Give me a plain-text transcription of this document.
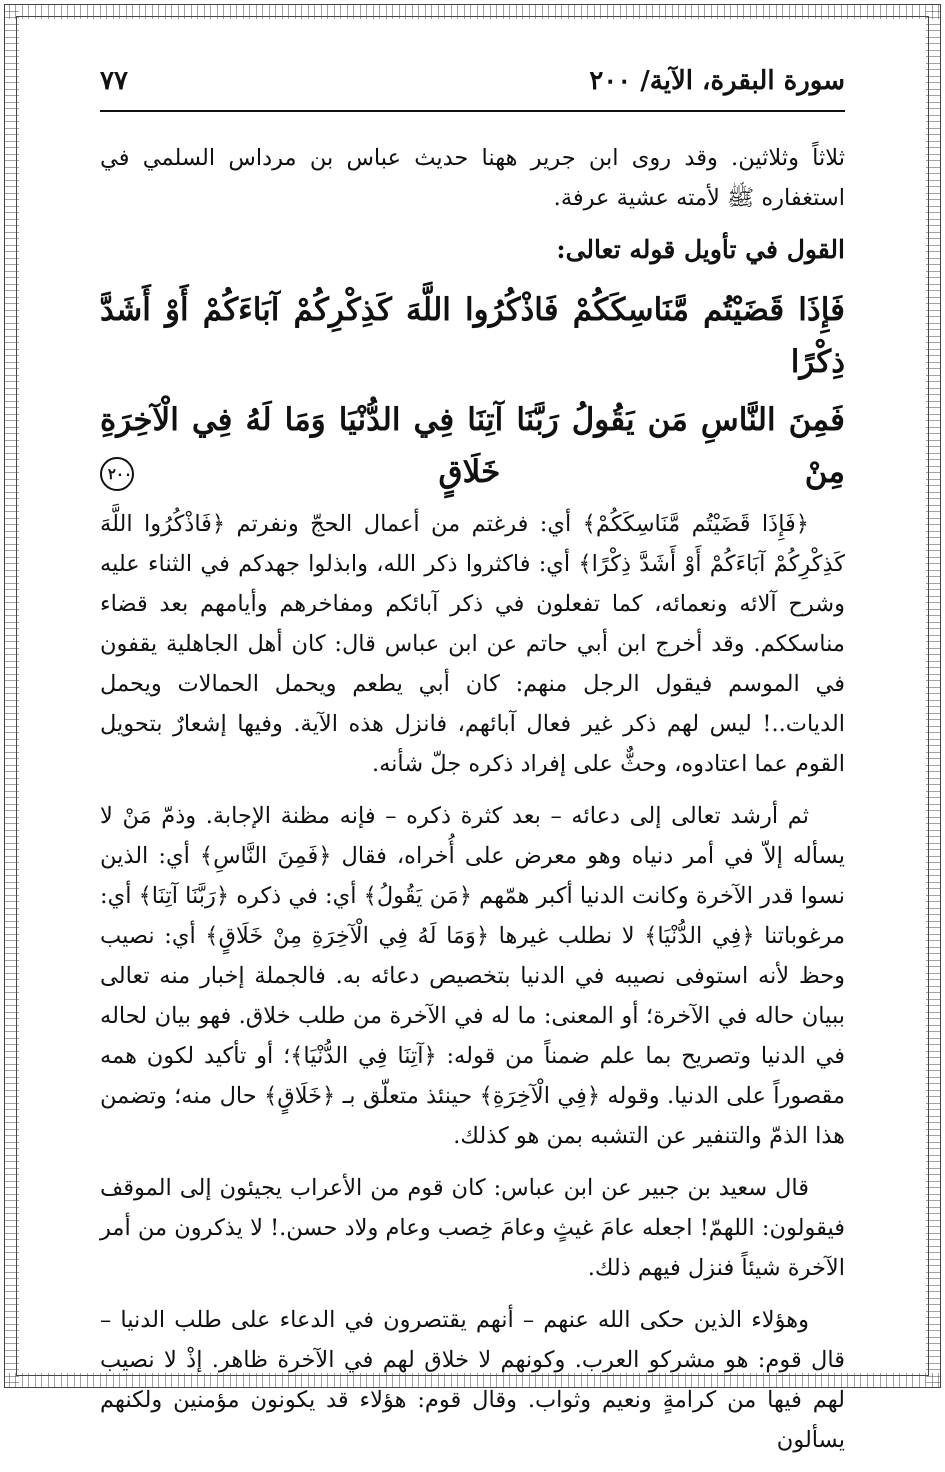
سورة البقرة، الآية/ ٢٠٠
٧٧

ثلاثاً وثلاثين. وقد روى ابن جرير ههنا حديث عباس بن مرداس السلمي في استغفاره ﷺ لأمته عشية عرفة.

القول في تأويل قوله تعالى:
فَإِذَا قَضَيْتُم مَّنَاسِكَكُمْ فَاذْكُرُوا اللَّهَ كَذِكْرِكُمْ آبَاءَكُمْ أَوْ أَشَدَّ ذِكْرًا
فَمِنَ النَّاسِ مَن يَقُولُ رَبَّنَا آتِنَا فِي الدُّنْيَا وَمَا لَهُ فِي الْآخِرَةِ مِنْ خَلَاقٍ ٢٠٠

﴿فَإِذَا قَضَيْتُم مَّنَاسِكَكُمْ﴾ أي: فرغتم من أعمال الحجّ ونفرتم ﴿فَاذْكُرُوا اللَّهَ كَذِكْرِكُمْ آبَاءَكُمْ أَوْ أَشَدَّ ذِكْرًا﴾ أي: فاكثروا ذكر الله، وابذلوا جهدكم في الثناء عليه وشرح آلائه ونعمائه، كما تفعلون في ذكر آبائكم ومفاخرهم وأيامهم بعد قضاء مناسككم. وقد أخرج ابن أبي حاتم عن ابن عباس قال: كان أهل الجاهلية يقفون في الموسم فيقول الرجل منهم: كان أبي يطعم ويحمل الحمالات ويحمل الديات..! ليس لهم ذكر غير فعال آبائهم، فانزل هذه الآية. وفيها إشعارٌ بتحويل القوم عما اعتادوه، وحثٌّ على إفراد ذكره جلّ شأنه.

ثم أرشد تعالى إلى دعائه – بعد كثرة ذكره – فإنه مظنة الإجابة. وذمّ مَنْ لا يسأله إلاّ في أمر دنياه وهو معرض على أُخراه، فقال ﴿فَمِنَ النَّاسِ﴾ أي: الذين نسوا قدر الآخرة وكانت الدنيا أكبر همّهم ﴿مَن يَقُولُ﴾ أي: في ذكره ﴿رَبَّنَا آتِنَا﴾ أي: مرغوباتنا ﴿فِي الدُّنْيَا﴾ لا نطلب غيرها ﴿وَمَا لَهُ فِي الْآخِرَةِ مِنْ خَلَاقٍ﴾ أي: نصيب وحظ لأنه استوفى نصيبه في الدنيا بتخصيص دعائه به. فالجملة إخبار منه تعالى ببيان حاله في الآخرة؛ أو المعنى: ما له في الآخرة من طلب خلاق. فهو بيان لحاله في الدنيا وتصريح بما علم ضمناً من قوله: ﴿آتِنَا فِي الدُّنْيَا﴾؛ أو تأكيد لكون همه مقصوراً على الدنيا. وقوله ﴿فِي الْآخِرَةِ﴾ حينئذ متعلّق بـ ﴿خَلَاقٍ﴾ حال منه؛ وتضمن هذا الذمّ والتنفير عن التشبه بمن هو كذلك.

قال سعيد بن جبير عن ابن عباس: كان قوم من الأعراب يجيئون إلى الموقف فيقولون: اللهمّ! اجعله عامَ غيثٍ وعامَ خِصب وعام ولاد حسن.! لا يذكرون من أمر الآخرة شيئاً فنزل فيهم ذلك.

وهؤلاء الذين حكى الله عنهم – أنهم يقتصرون في الدعاء على طلب الدنيا – قال قوم: هو مشركو العرب. وكونهم لا خلاق لهم في الآخرة ظاهر. إذْ لا نصيب لهم فيها من كرامةٍ ونعيم وثواب. وقال قوم: هؤلاء قد يكونون مؤمنين ولكنهم يسألون
